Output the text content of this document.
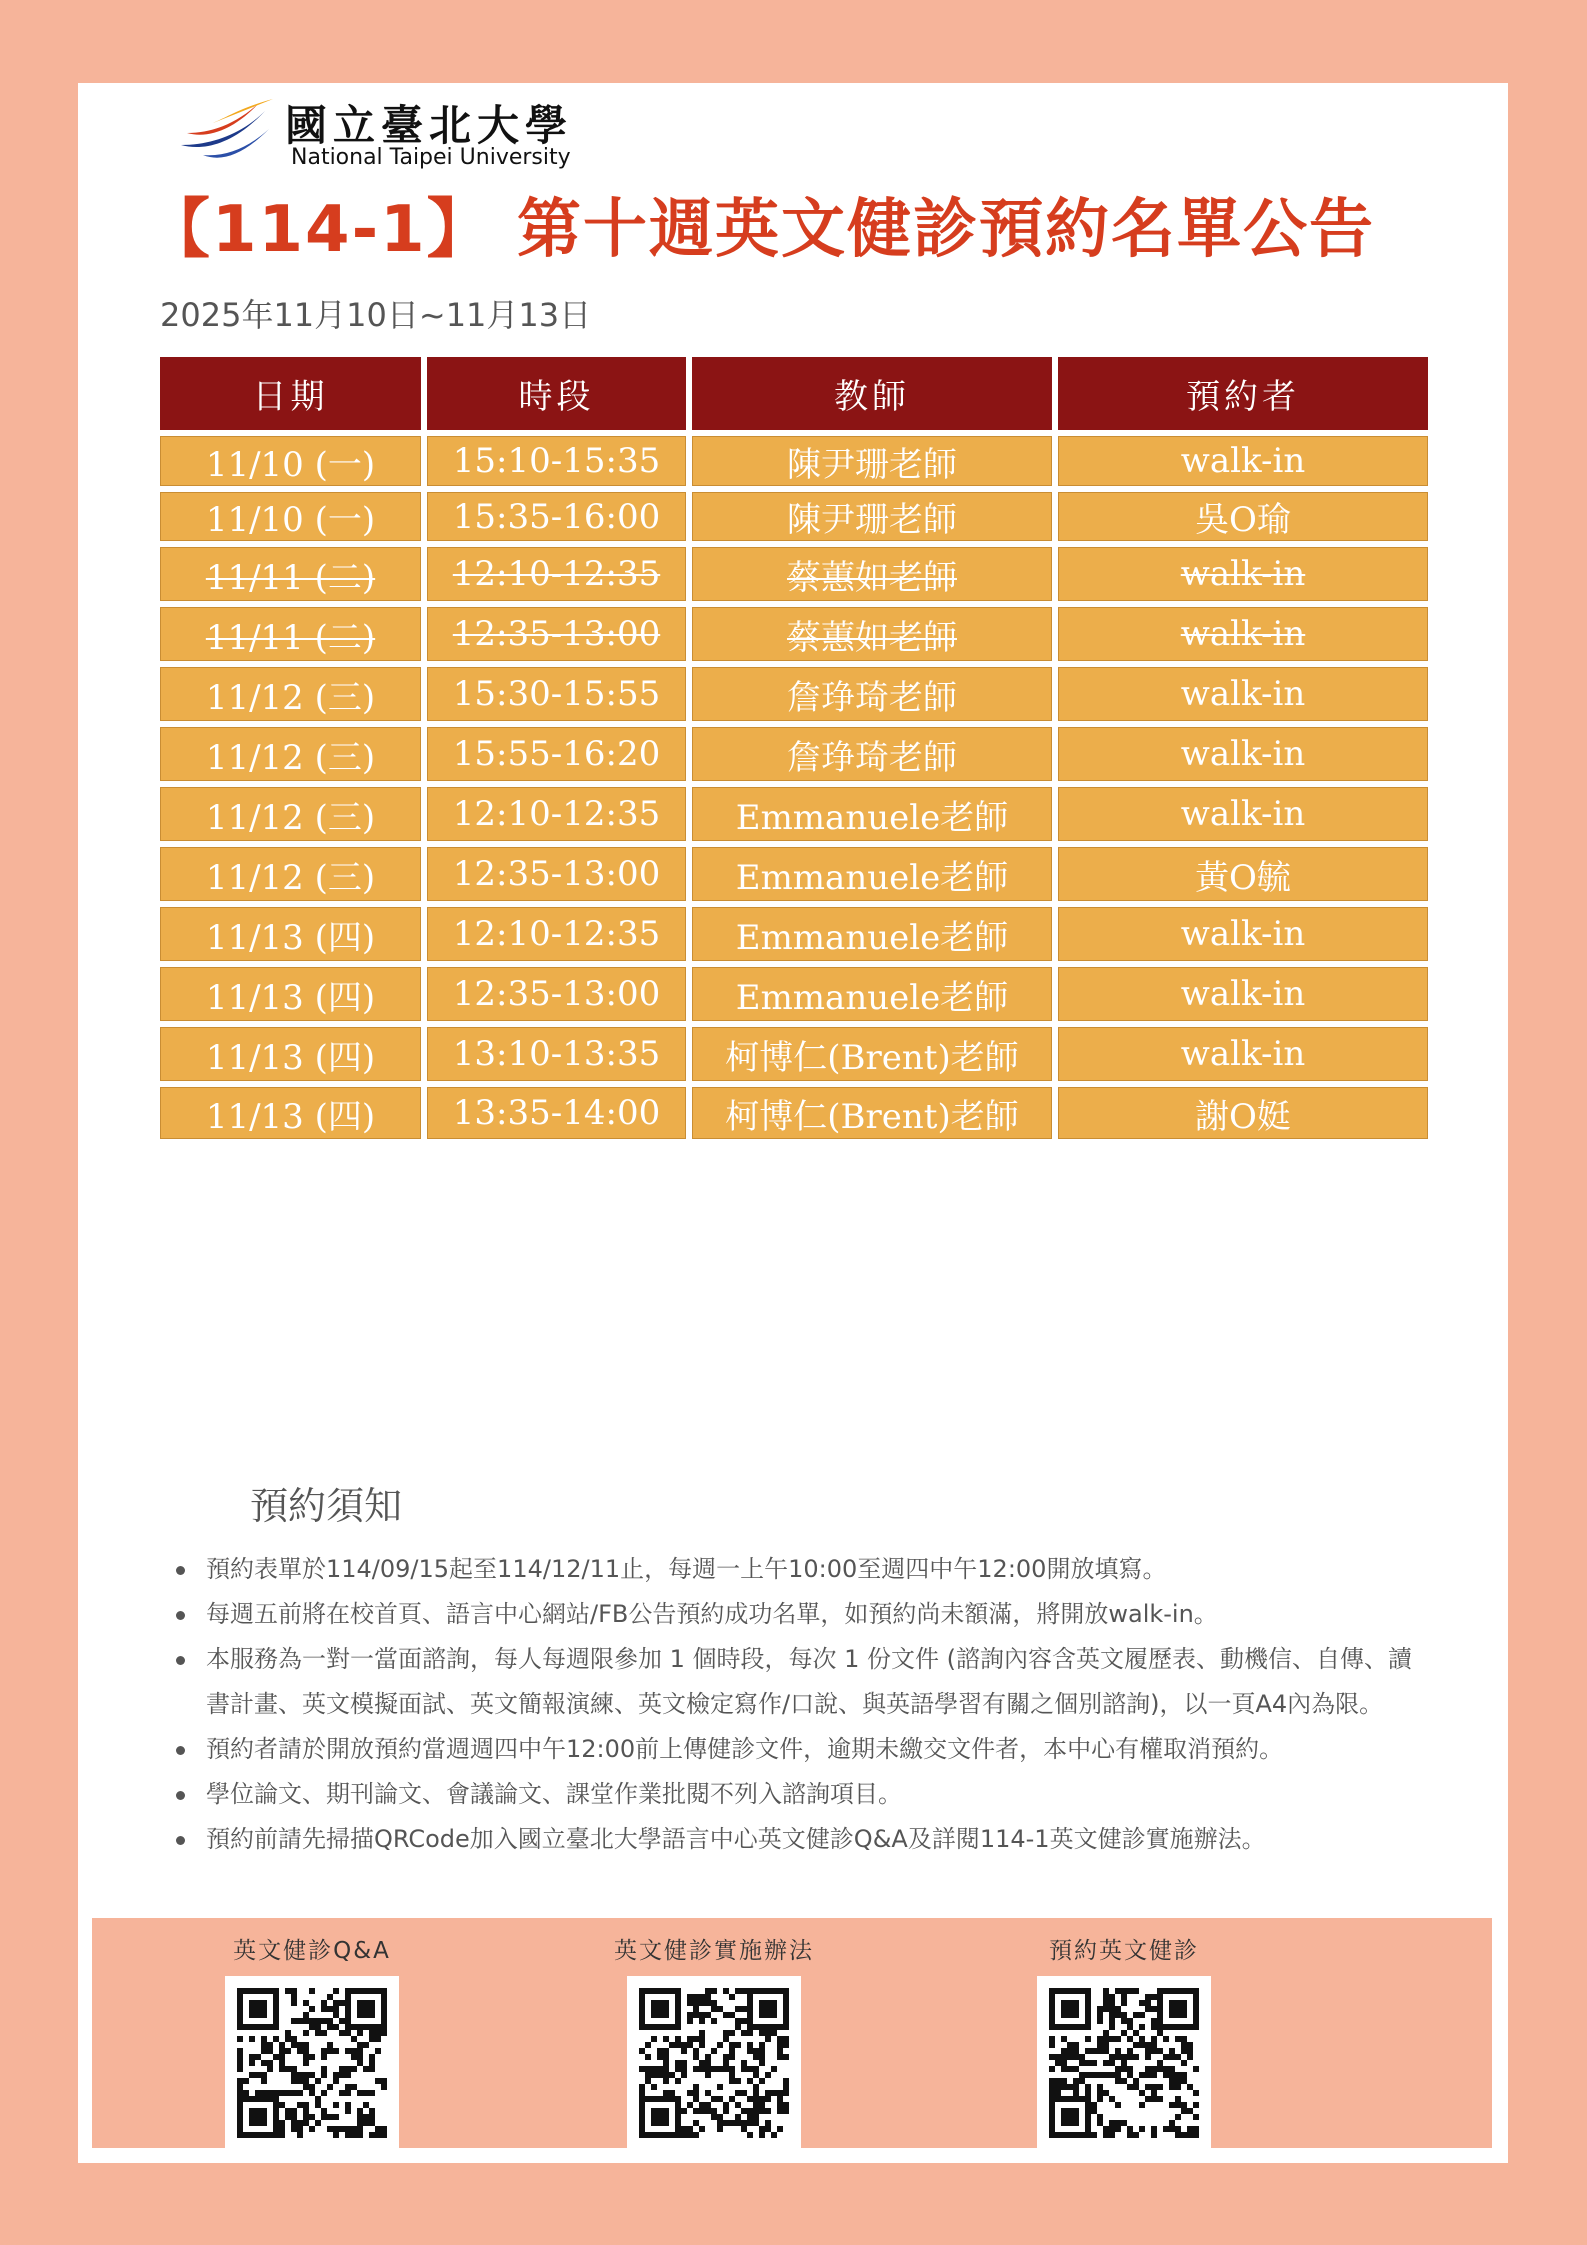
國立臺北大學
National Taipei University
【114-1】 第十週英文健診預約名單公告
2025年11月10日~11月13日
日期	時段	教師	預約者
11/10 (一) 15:10-15:35	陳尹珊老師	walk-in
11/10 (一) 15:35-16:00	陳尹珊老師	吳O瑜
11/11 (二) 12:10-12:35	蔡蕙如老師	walk-in
11/11 (二) 12:35-13:00	蔡蕙如老師	walk-in
11/12 (三) 15:30-15:55	詹琤琦老師	walk-in
11/12 (三) 15:55-16:20	詹琤琦老師	walk-in
11/12 (三) 12:10-12:35 Emmanuele老師	walk-in
11/12 (三) 12:35-13:00 Emmanuele老師	黃O毓
11/13 (四) 12:10-12:35 Emmanuele老師	walk-in
11/13 (四) 12:35-13:00 Emmanuele老師	walk-in
11/13 (四) 13:10-13:35 柯博仁(Brent)老師	walk-in
11/13 (四) 13:35-14:00 柯博仁(Brent)老師	謝O娗
預約須知
預約表單於114/09/15起至114/12/11止，每週一上午10:00至週四中午12:00開放填寫。
每週五前將在校首頁、語言中心網站/FB公告預約成功名單，如預約尚未額滿，將開放walk-in。
本服務為一對一當面諮詢，每人每週限參加 1 個時段，每次 1 份文件 (諮詢內容含英文履歷表、動機信、自傳、讀書計畫、英文模擬面試、英文簡報演練、英文檢定寫作/口說、與英語學習有關之個別諮詢)，以一頁A4內為限。
預約者請於開放預約當週週四中午12:00前上傳健診文件，逾期未繳交文件者，本中心有權取消預約。
學位論文、期刊論文、會議論文、課堂作業批閱不列入諮詢項目。
預約前請先掃描QRCode加入國立臺北大學語言中心英文健診Q&A及詳閱114-1英文健診實施辦法。
英文健診Q&A	英文健診實施辦法	預約英文健診
